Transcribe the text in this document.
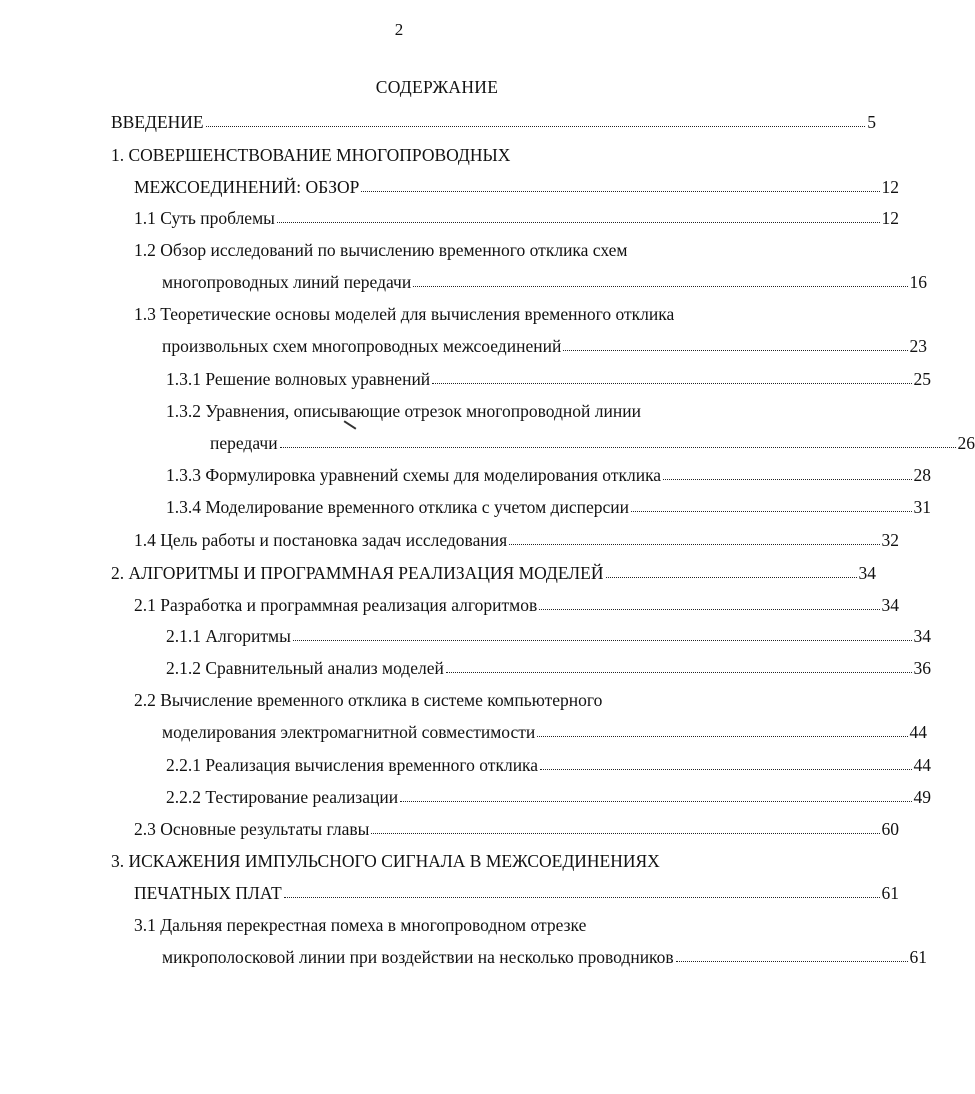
2
СОДЕРЖАНИЕ
ВВЕДЕНИЕ	5
1. СОВЕРШЕНСТВОВАНИЕ МНОГОПРОВОДНЫХ
МЕЖСОЕДИНЕНИЙ: ОБЗОР	12
1.1 Суть проблемы	12
1.2 Обзор исследований по вычислению временного отклика схем
многопроводных линий передачи	16
1.3 Теоретические основы моделей для вычисления временного отклика
произвольных схем многопроводных межсоединений	23
1.3.1 Решение волновых уравнений	25
1.3.2 Уравнения, описывающие отрезок многопроводной линии
передачи	26
1.3.3 Формулировка уравнений схемы для моделирования отклика	28
1.3.4 Моделирование временного отклика с учетом дисперсии	31
1.4 Цель работы и постановка задач исследования	32
2. АЛГОРИТМЫ И ПРОГРАММНАЯ РЕАЛИЗАЦИЯ МОДЕЛЕЙ	34
2.1 Разработка и программная реализация алгоритмов	34
2.1.1 Алгоритмы	34
2.1.2 Сравнительный анализ моделей	36
2.2 Вычисление временного отклика в системе компьютерного
моделирования электромагнитной совместимости	44
2.2.1 Реализация вычисления временного отклика	44
2.2.2 Тестирование реализации	49
2.3 Основные результаты главы	60
3. ИСКАЖЕНИЯ ИМПУЛЬСНОГО СИГНАЛА В МЕЖСОЕДИНЕНИЯХ
ПЕЧАТНЫХ ПЛАТ	61
3.1 Дальняя перекрестная помеха в многопроводном отрезке
микрополосковой линии при воздействии на несколько проводников	61
